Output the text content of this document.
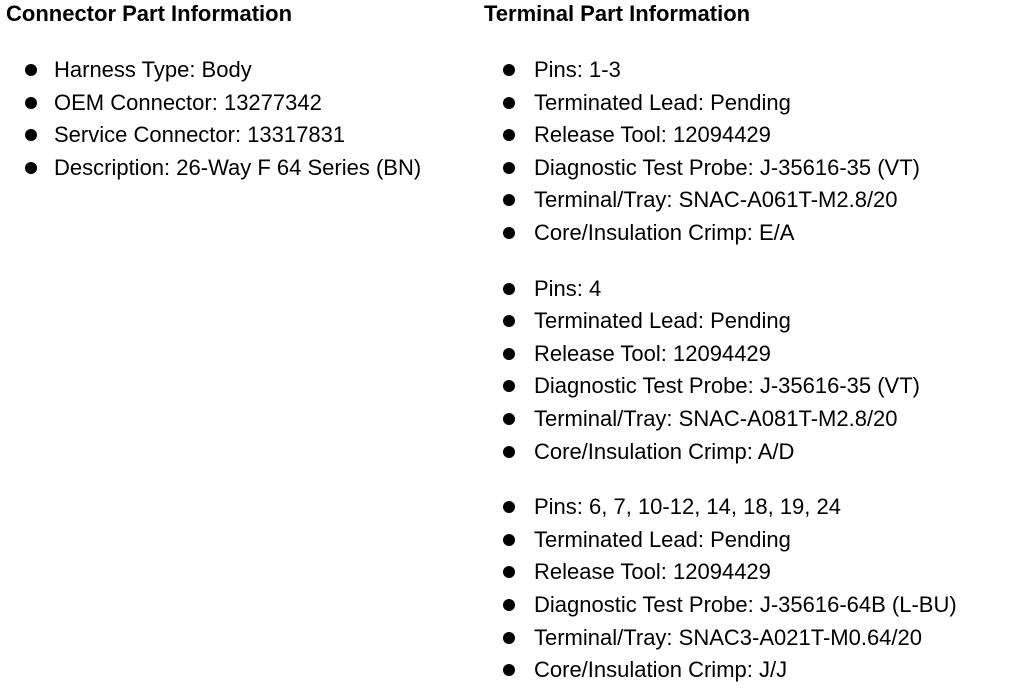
Connector Part Information
Harness Type: Body
OEM Connector: 13277342
Service Connector: 13317831
Description: 26-Way F 64 Series (BN)
Terminal Part Information
Pins: 1-3
Terminated Lead: Pending
Release Tool: 12094429
Diagnostic Test Probe: J-35616-35 (VT)
Terminal/Tray: SNAC-A061T-M2.8/20
Core/Insulation Crimp: E/A
Pins: 4
Terminated Lead: Pending
Release Tool: 12094429
Diagnostic Test Probe: J-35616-35 (VT)
Terminal/Tray: SNAC-A081T-M2.8/20
Core/Insulation Crimp: A/D
Pins: 6, 7, 10-12, 14, 18, 19, 24
Terminated Lead: Pending
Release Tool: 12094429
Diagnostic Test Probe: J-35616-64B (L-BU)
Terminal/Tray: SNAC3-A021T-M0.64/20
Core/Insulation Crimp: J/J
